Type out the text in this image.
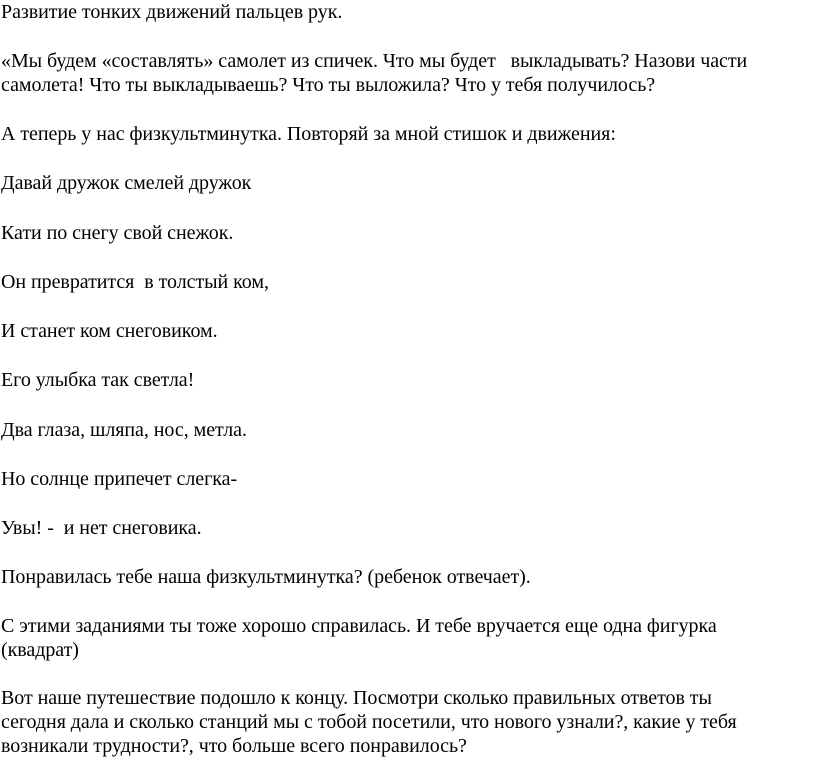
Развитие тонких движений пальцев рук.

«Мы будем «составлять» самолет из спичек. Что мы будет   выкладывать? Назови части

самолета! Что ты выкладываешь? Что ты выложила? Что у тебя получилось?

А теперь у нас физкультминутка. Повторяй за мной стишок и движения:

Давай дружок смелей дружок

Кати по снегу свой снежок.

Он превратится  в толстый ком,

И станет ком снеговиком.

Его улыбка так светла!

Два глаза, шляпа, нос, метла.

Но солнце припечет слегка-

Увы! -  и нет снеговика.

Понравилась тебе наша физкультминутка? (ребенок отвечает).

С этими заданиями ты тоже хорошо справилась. И тебе вручается еще одна фигурка

(квадрат)

Вот наше путешествие подошло к концу. Посмотри сколько правильных ответов ты

сегодня дала и сколько станций мы с тобой посетили, что нового узнали?, какие у тебя

возникали трудности?, что больше всего понравилось?
